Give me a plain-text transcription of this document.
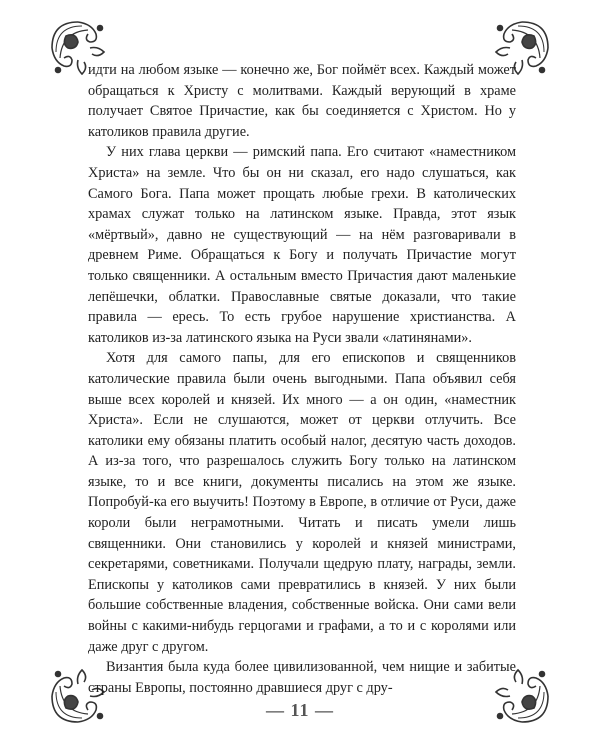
идти на любом языке — конечно же, Бог поймёт всех. Каждый может обращаться к Христу с молитвами. Каждый верующий в храме получает Святое Причастие, как бы соединяется с Христом. Но у католиков правила другие.

У них глава церкви — римский папа. Его считают «наместником Христа» на земле. Что бы он ни сказал, его надо слушаться, как Самого Бога. Папа может прощать любые грехи. В католических храмах служат только на латинском языке. Правда, этот язык «мёртвый», давно не существующий — на нём разговаривали в древнем Риме. Обращаться к Богу и получать Причастие могут только священники. А остальным вместо Причастия дают маленькие лепёшечки, облатки. Православные святые доказали, что такие правила — ересь. То есть грубое нарушение христианства. А католиков из-за латинского языка на Руси звали «латинянами».

Хотя для самого папы, для его епископов и священников католические правила были очень выгодными. Папа объявил себя выше всех королей и князей. Их много — а он один, «наместник Христа». Если не слушаются, может от церкви отлучить. Все католики ему обязаны платить особый налог, десятую часть доходов. А из-за того, что разрешалось служить Богу только на латинском языке, то и все книги, документы писались на этом же языке. Попробуй-ка его выучить! Поэтому в Европе, в отличие от Руси, даже короли были неграмотными. Читать и писать умели лишь священники. Они становились у королей и князей министрами, секретарями, советниками. Получали щедрую плату, награды, земли. Епископы у католиков сами превратились в князей. У них были большие собственные владения, собственные войска. Они сами вели войны с какими-нибудь герцогами и графами, а то и с королями или даже друг с другом.

Византия была куда более цивилизованной, чем нищие и забитые страны Европы, постоянно дравшиеся друг с дру-

— 11 —
